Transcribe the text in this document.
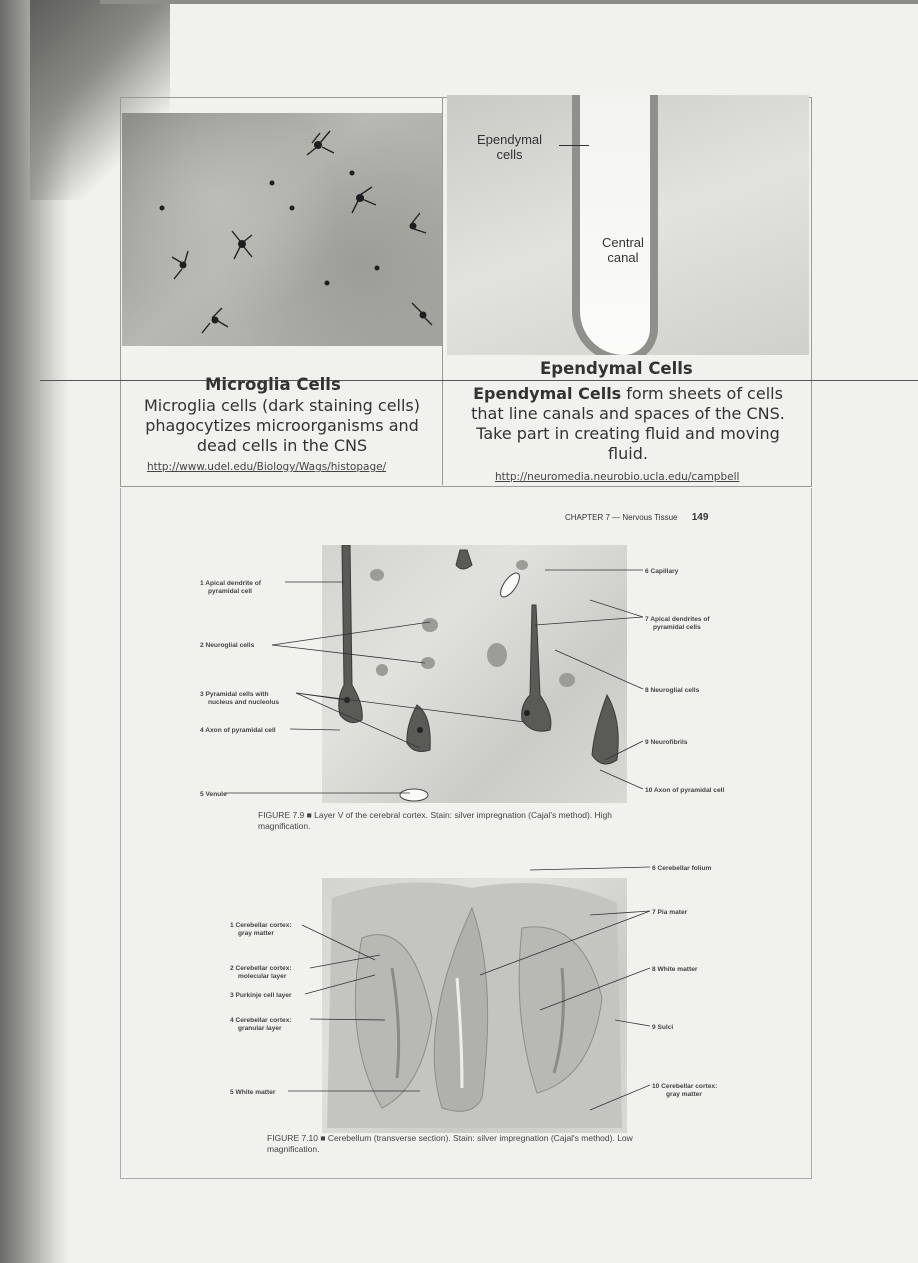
Ependymal
cells
Central
canal
Ependymal Cells
Microglia Cells
Microglia cells (dark staining cells)
phagocytizes microorganisms and
dead cells in the CNS
http://www.udel.edu/Biology/Wags/histopage/
Ependymal Cells form sheets of cells
that line canals and spaces of the CNS.
Take part in creating fluid and moving
fluid.
http://neuromedia.neurobio.ucla.edu/campbell
CHAPTER 7 — Nervous Tissue 149
1 Apical dendrite of
pyramidal cell
2 Neuroglial cells
3 Pyramidal cells with
nucleus and nucleolus
4 Axon of pyramidal cell
5 Venule
6 Capillary
7 Apical dendrites of
pyramidal cells
8 Neuroglial cells
9 Neurofibrils
10 Axon of pyramidal cell
FIGURE 7.9 ■ Layer V of the cerebral cortex. Stain: silver impregnation (Cajal's method). High
magnification.
1 Cerebellar cortex:
gray matter
2 Cerebellar cortex:
molecular layer
3 Purkinje cell layer
4 Cerebellar cortex:
granular layer
5 White matter
6 Cerebellar folium
7 Pia mater
8 White matter
9 Sulci
10 Cerebellar cortex:
gray matter
FIGURE 7.10 ■ Cerebellum (transverse section). Stain: silver impregnation (Cajal's method). Low
magnification.
